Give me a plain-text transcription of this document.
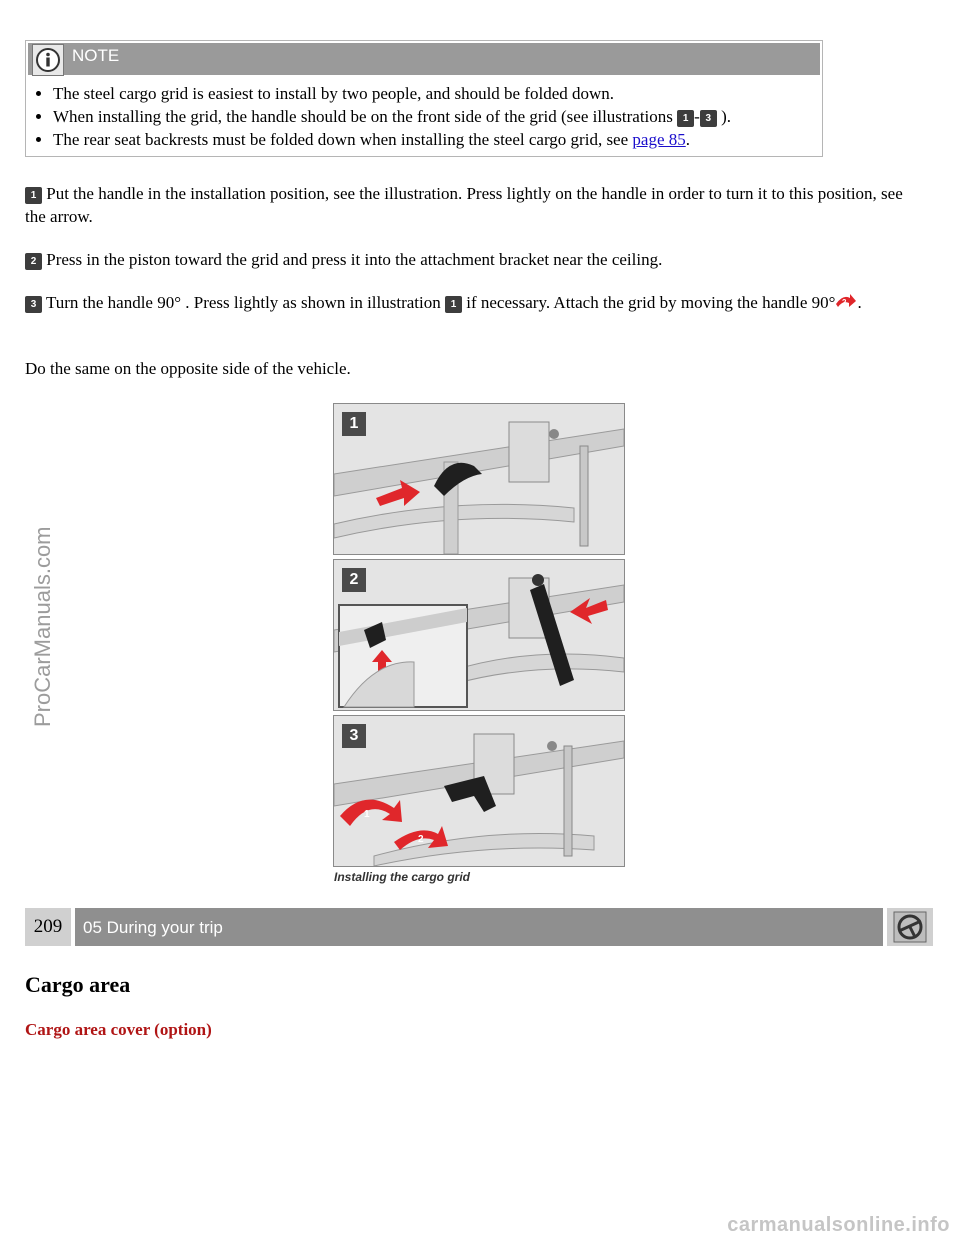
NOTE
• The steel cargo grid is easiest to install by two people, and should be folded down.
• When installing the grid, the handle should be on the front side of the grid (see illustrations 1 - 3 ).
• The rear seat backrests must be folded down when installing the steel cargo grid, see page 85.

1 Put the handle in the installation position, see the illustration. Press lightly on the handle in order to turn it to this position, see the arrow.

2 Press in the piston toward the grid and press it into the attachment bracket near the ceiling.

3 Turn the handle 90° . Press lightly as shown in illustration 1 if necessary. Attach the grid by moving the handle 90° 2 .

Do the same on the opposite side of the vehicle.

1
2
1
2
3
Installing the cargo grid
209	05 During your trip
Cargo area
Cargo area cover (option)
ProCarManuals.com
carmanualsonline.info
